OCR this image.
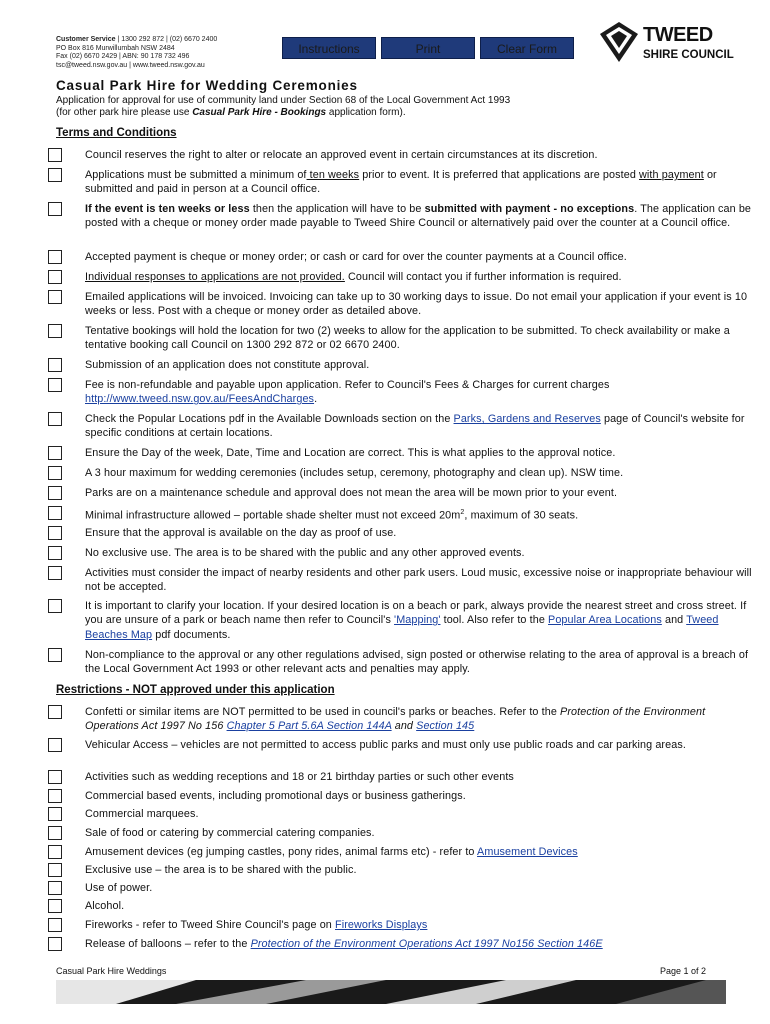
Customer Service | 1300 292 872 | (02) 6670 2400
PO Box 816 Murwillumbah NSW 2484
Fax (02) 6670 2429 | ABN: 90 178 732 496
tsc@tweed.nsw.gov.au | www.tweed.nsw.gov.au
Instructions	Print	Clear Form
TWEED
SHIRE COUNCIL
Casual Park Hire for Wedding Ceremonies
Application for approval for use of community land under Section 68 of the Local Government Act 1993
(for other park hire please use Casual Park Hire - Bookings application form).
Terms and Conditions
Council reserves the right to alter or relocate an approved event in certain circumstances at its discretion.
Applications must be submitted a minimum of ten weeks prior to event. It is preferred that applications are posted with payment or submitted and paid in person at a Council office.
If the event is ten weeks or less then the application will have to be submitted with payment - no exceptions. The application can be posted with a cheque or money order made payable to Tweed Shire Council or alternatively paid over the counter at a Council office.
Accepted payment is cheque or money order; or cash or card for over the counter payments at a Council office.
Individual responses to applications are not provided. Council will contact you if further information is required.
Emailed applications will be invoiced. Invoicing can take up to 30 working days to issue. Do not email your application if your event is 10 weeks or less. Post with a cheque or money order as detailed above.
Tentative bookings will hold the location for two (2) weeks to allow for the application to be submitted. To check availability or make a tentative booking call Council on 1300 292 872 or 02 6670 2400.
Submission of an application does not constitute approval.
Fee is non-refundable and payable upon application. Refer to Council's Fees & Charges for current charges http://www.tweed.nsw.gov.au/FeesAndCharges.
Check the Popular Locations pdf in the Available Downloads section on the Parks, Gardens and Reserves page of Council's website for specific conditions at certain locations.
Ensure the Day of the week, Date, Time and Location are correct. This is what applies to the approval notice.
A 3 hour maximum for wedding ceremonies (includes setup, ceremony, photography and clean up). NSW time.
Parks are on a maintenance schedule and approval does not mean the area will be mown prior to your event.
Minimal infrastructure allowed – portable shade shelter must not exceed $20m^2$, maximum of 30 seats.
Ensure that the approval is available on the day as proof of use.
No exclusive use. The area is to be shared with the public and any other approved events.
Activities must consider the impact of nearby residents and other park users. Loud music, excessive noise or inappropriate behaviour will not be accepted.
It is important to clarify your location. If your desired location is on a beach or park, always provide the nearest street and cross street. If you are unsure of a park or beach name then refer to Council's 'Mapping' tool. Also refer to the Popular Area Locations and Tweed Beaches Map pdf documents.
Non-compliance to the approval or any other regulations advised, sign posted or otherwise relating to the area of approval is a breach of the Local Government Act 1993 or other relevant acts and penalties may apply.
Restrictions - NOT approved under this application
Confetti or similar items are NOT permitted to be used in council's parks or beaches. Refer to the Protection of the Environment Operations Act 1997 No 156 Chapter 5 Part 5.6A Section 144A and Section 145
Vehicular Access – vehicles are not permitted to access public parks and must only use public roads and car parking areas.
Activities such as wedding receptions and 18 or 21 birthday parties or such other events
Commercial based events, including promotional days or business gatherings.
Commercial marquees.
Sale of food or catering by commercial catering companies.
Amusement devices (eg jumping castles, pony rides, animal farms etc) - refer to Amusement Devices
Exclusive use – the area is to be shared with the public.
Use of power.
Alcohol.
Fireworks - refer to Tweed Shire Council's page on Fireworks Displays
Release of balloons – refer to the Protection of the Environment Operations Act 1997 No156 Section 146E
Casual Park Hire Weddings	Page 1 of 2
